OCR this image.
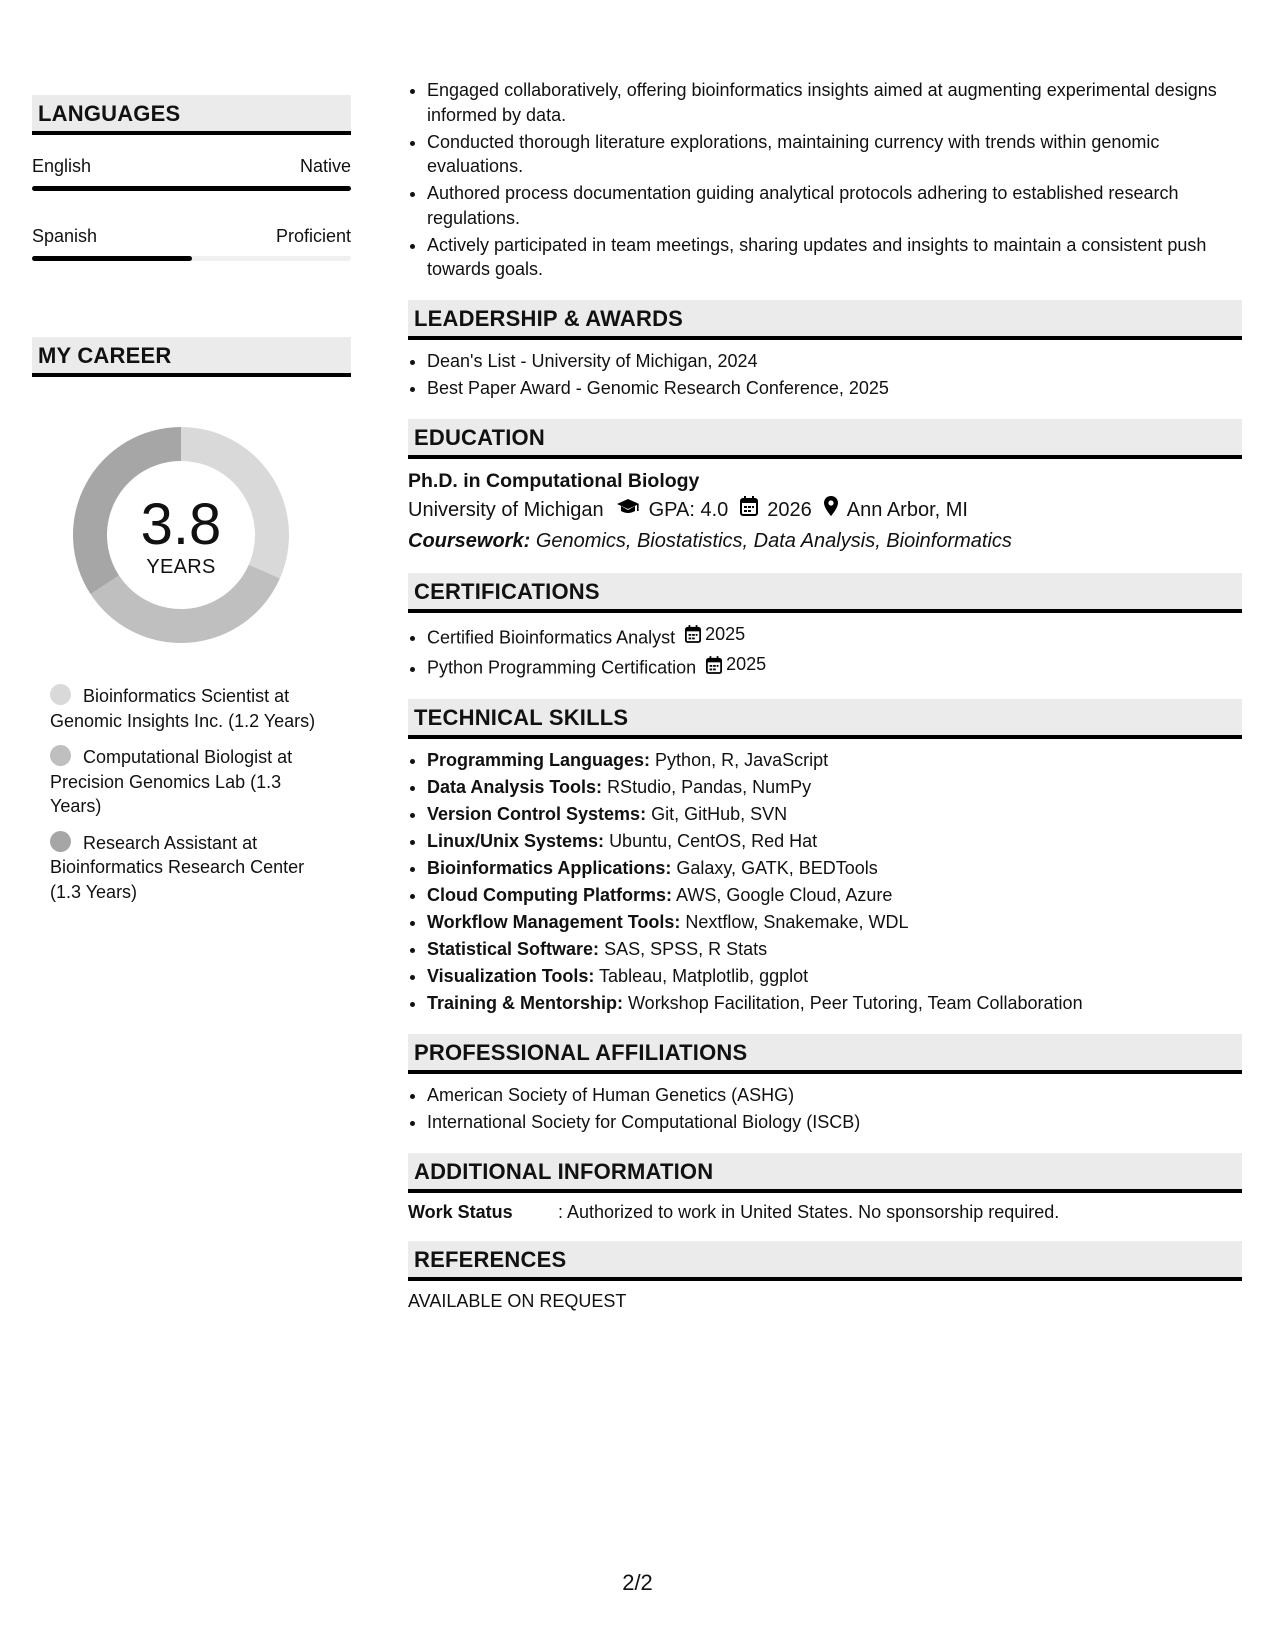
LANGUAGES
English	Native
Spanish	Proficient
MY CAREER
3.8
YEARS
Bioinformatics Scientist at Genomic Insights Inc. (1.2 Years)
Computational Biologist at Precision Genomics Lab (1.3 Years)
Research Assistant at Bioinformatics Research Center (1.3 Years)
• Engaged collaboratively, offering bioinformatics insights aimed at augmenting experimental designs informed by data.
• Conducted thorough literature explorations, maintaining currency with trends within genomic evaluations.
• Authored process documentation guiding analytical protocols adhering to established research regulations.
• Actively participated in team meetings, sharing updates and insights to maintain a consistent push towards goals.
LEADERSHIP & AWARDS
• Dean's List - University of Michigan, 2024
• Best Paper Award - Genomic Research Conference, 2025
EDUCATION
Ph.D. in Computational Biology
University of Michigan GPA: 4.0 2026 Ann Arbor, MI
Coursework: Genomics, Biostatistics, Data Analysis, Bioinformatics
CERTIFICATIONS
• Certified Bioinformatics Analyst 2025
• Python Programming Certification 2025
TECHNICAL SKILLS
• Programming Languages: Python, R, JavaScript
• Data Analysis Tools: RStudio, Pandas, NumPy
• Version Control Systems: Git, GitHub, SVN
• Linux/Unix Systems: Ubuntu, CentOS, Red Hat
• Bioinformatics Applications: Galaxy, GATK, BEDTools
• Cloud Computing Platforms: AWS, Google Cloud, Azure
• Workflow Management Tools: Nextflow, Snakemake, WDL
• Statistical Software: SAS, SPSS, R Stats
• Visualization Tools: Tableau, Matplotlib, ggplot
• Training & Mentorship: Workshop Facilitation, Peer Tutoring, Team Collaboration
PROFESSIONAL AFFILIATIONS
• American Society of Human Genetics (ASHG)
• International Society for Computational Biology (ISCB)
ADDITIONAL INFORMATION
Work Status	: Authorized to work in United States. No sponsorship required.
REFERENCES
AVAILABLE ON REQUEST
2/2
